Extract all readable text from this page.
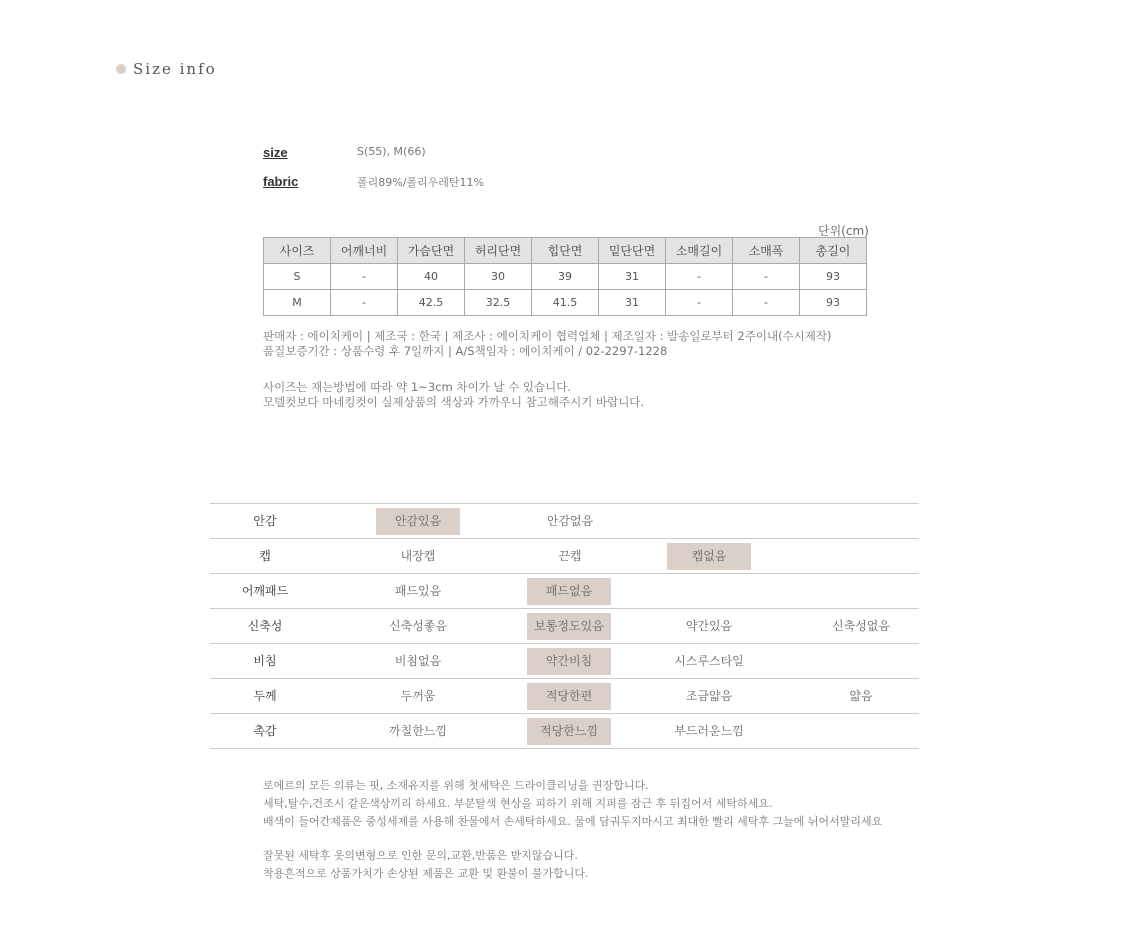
Size info
size	S(55), M(66)
fabric	폴리89%/폴리우레탄11%
단위(cm)
사이즈	어깨너비	가슴단면	허리단면	힙단면	밑단단면	소매길이	소매폭	총길이
S	-	40	30	39	31	-	-	93
M	-	42.5	32.5	41.5	31	-	-	93
판매자 : 에이치케이 | 제조국 : 한국 | 제조사 : 에이치케이 협력업체 | 제조일자 : 발송일로부터 2주이내(수시제작)
품질보증기간 : 상품수령 후 7일까지 | A/S책임자 : 에이치케이 / 02-2297-1228
사이즈는 재는방법에 따라 약 1~3cm 차이가 날 수 있습니다.
모델컷보다 마네킹컷이 실제상품의 색상과 가까우니 참고해주시기 바랍니다.
안감	안감있음	안감없음
캡	내장캡	끈캡	캡없음
어깨패드	패드있음	패드없음
신축성	신축성좋음	보통정도있음	약간있음	신축성없음
비침	비침없음	약간비침	시스루스타일
두께	두꺼움	적당한편	조금얇음	얇음
촉감	까칠한느낌	적당한느낌	부드러운느낌
로에르의 모든 의류는 핏, 소재유지를 위해 첫세탁은 드라이클리닝을 권장합니다.
세탁,탈수,건조시 같은색상끼리 하세요. 부분탈색 현상을 피하기 위해 지퍼를 잠근 후 뒤집어서 세탁하세요.
배색이 들어간제품은 중성세제를 사용해 찬물에서 손세탁하세요. 물에 담궈두지마시고 최대한 빨리 세탁후 그늘에 뉘어서말리세요
잘못된 세탁후 옷의변형으로 인한 문의,교환,반품은 받지않습니다.
착용흔적으로 상품가치가 손상된 제품은 교환 및 환불이 불가합니다.
